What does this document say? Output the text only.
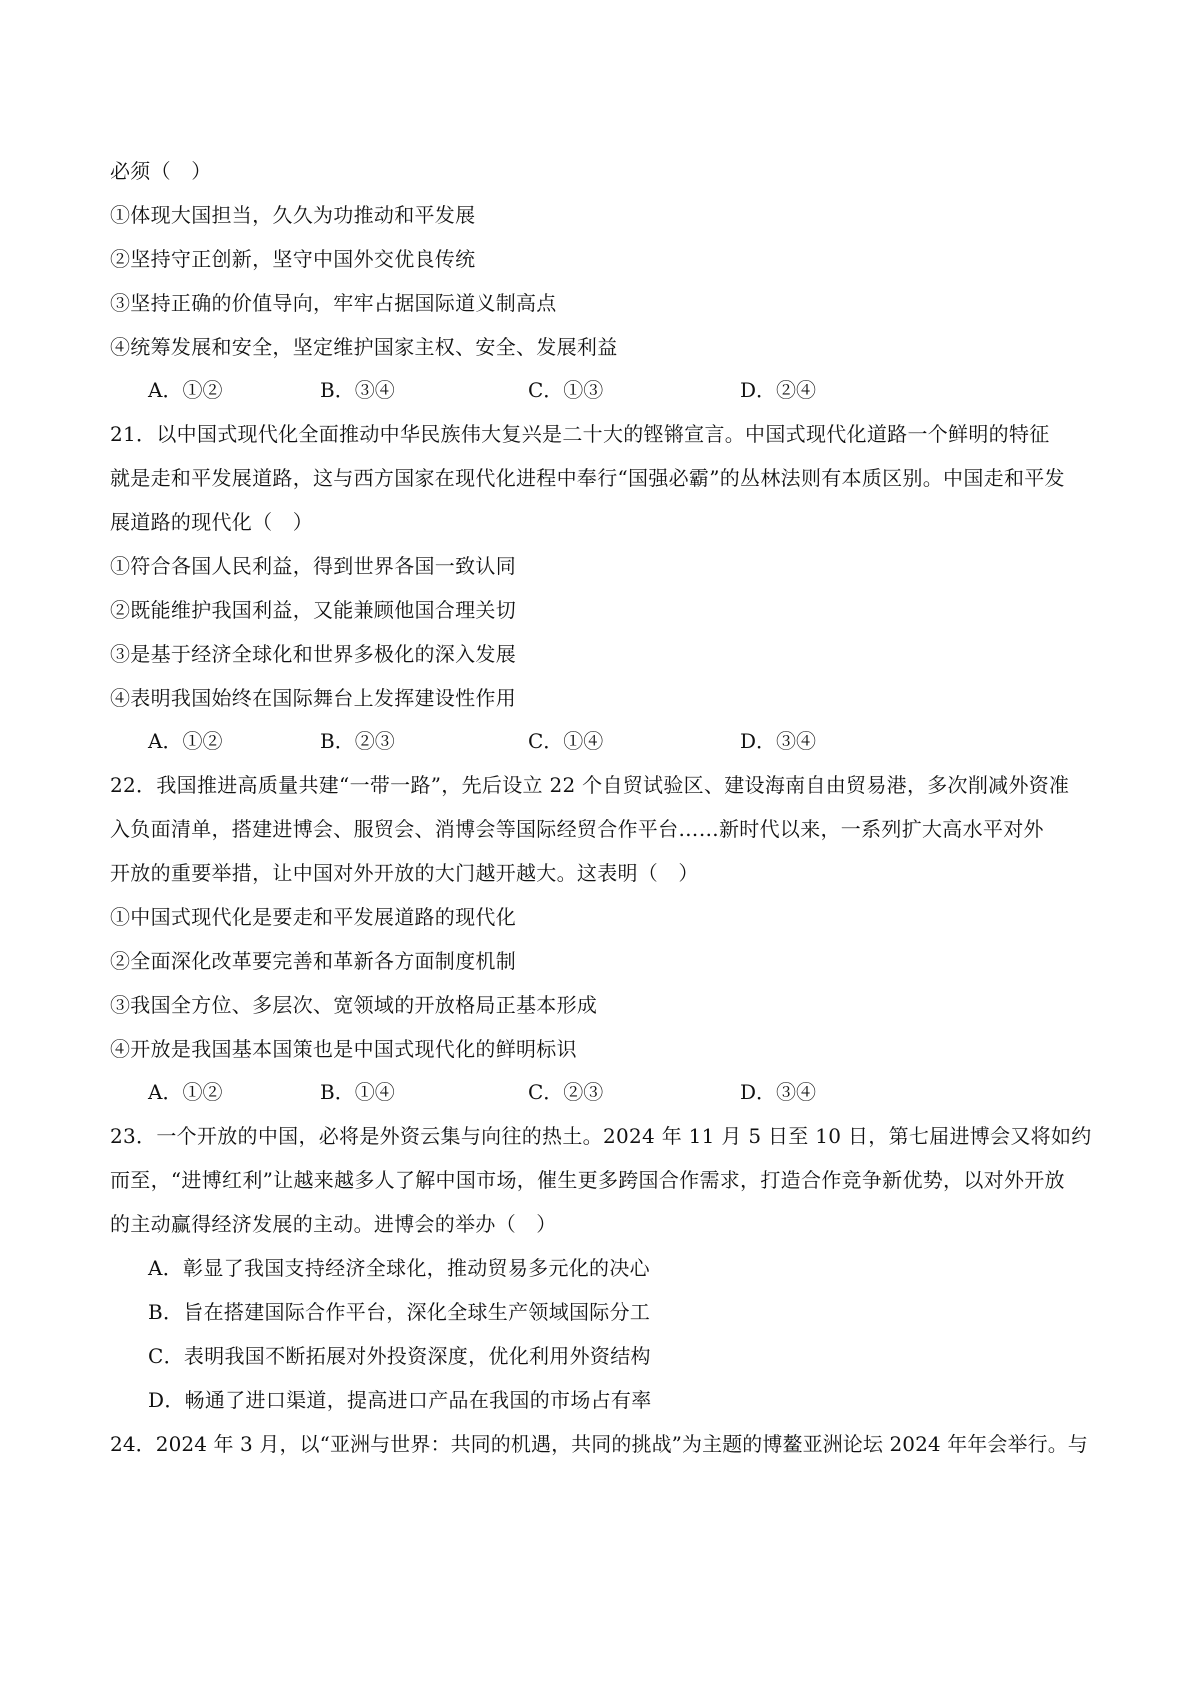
必须（　）
①体现大国担当，久久为功推动和平发展
②坚持守正创新，坚守中国外交优良传统
③坚持正确的价值导向，牢牢占据国际道义制高点
④统筹发展和安全，坚定维护国家主权、安全、发展利益
A．①②	B．③④	C．①③	D．②④
21．以中国式现代化全面推动中华民族伟大复兴是二十大的铿锵宣言。中国式现代化道路一个鲜明的特征
就是走和平发展道路，这与西方国家在现代化进程中奉行“国强必霸”的丛林法则有本质区别。中国走和平发
展道路的现代化（　）
①符合各国人民利益，得到世界各国一致认同
②既能维护我国利益，又能兼顾他国合理关切
③是基于经济全球化和世界多极化的深入发展
④表明我国始终在国际舞台上发挥建设性作用
A．①②	B．②③	C．①④	D．③④
22．我国推进高质量共建“一带一路”，先后设立 22 个自贸试验区、建设海南自由贸易港，多次削减外资准
入负面清单，搭建进博会、服贸会、消博会等国际经贸合作平台……新时代以来，一系列扩大高水平对外
开放的重要举措，让中国对外开放的大门越开越大。这表明（　）
①中国式现代化是要走和平发展道路的现代化
②全面深化改革要完善和革新各方面制度机制
③我国全方位、多层次、宽领域的开放格局正基本形成
④开放是我国基本国策也是中国式现代化的鲜明标识
A．①②	B．①④	C．②③	D．③④
23．一个开放的中国，必将是外资云集与向往的热土。2024 年 11 月 5 日至 10 日，第七届进博会又将如约
而至，“进博红利”让越来越多人了解中国市场，催生更多跨国合作需求，打造合作竞争新优势，以对外开放
的主动赢得经济发展的主动。进博会的举办（　）
A．彰显了我国支持经济全球化，推动贸易多元化的决心
B．旨在搭建国际合作平台，深化全球生产领域国际分工
C．表明我国不断拓展对外投资深度，优化利用外资结构
D．畅通了进口渠道，提高进口产品在我国的市场占有率
24．2024 年 3 月，以“亚洲与世界：共同的机遇，共同的挑战”为主题的博鳌亚洲论坛 2024 年年会举行。与
